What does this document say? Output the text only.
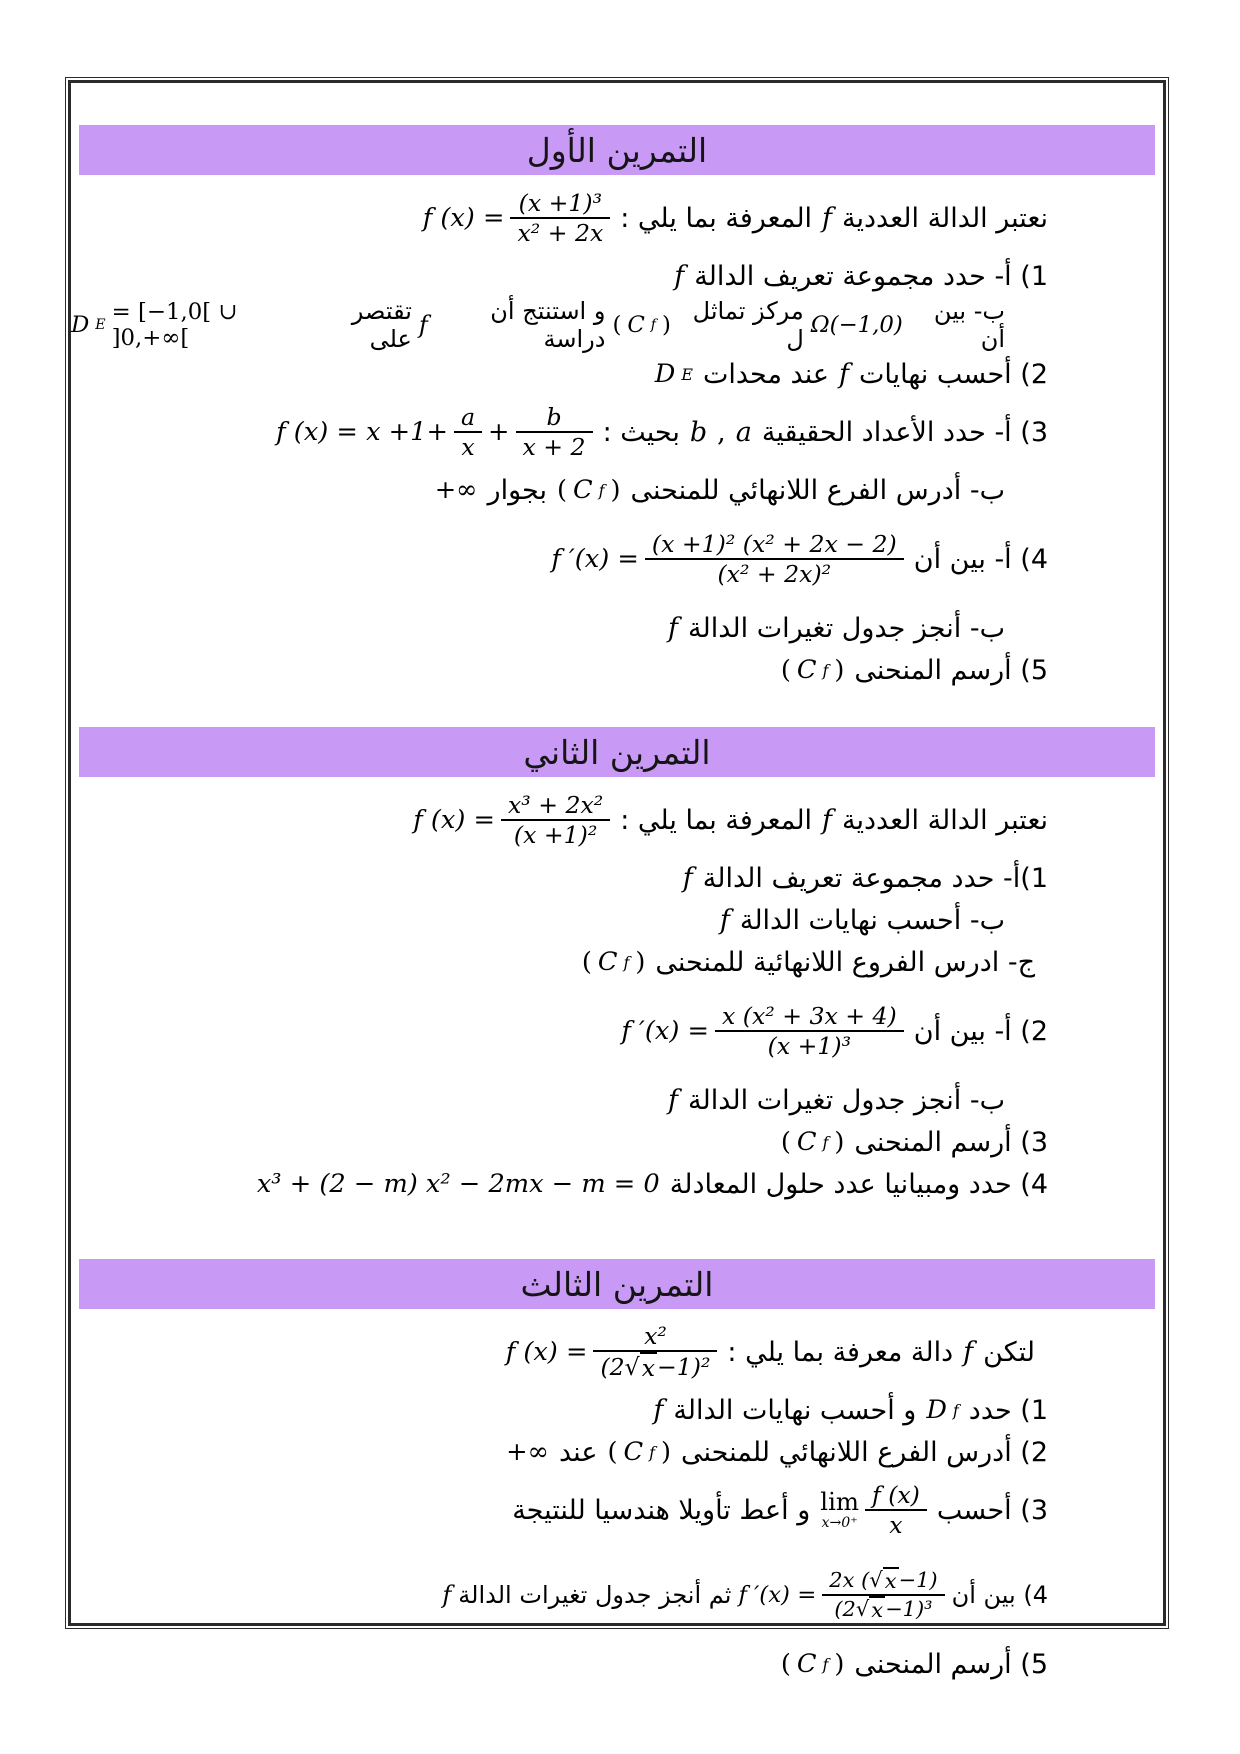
التمرين الأول
نعتبر الدالة العددية
f
المعرفة بما يلي :
f $(x) = \frac{\text{(x +1)³}}{\text{x² + 2x}}$
1) أ- حدد مجموعة تعريف الدالة
f
ب- بين أن
Ω(−1,0)
مركز تماثل ل
( C f )
و استنتج أن دراسة
f
تقتصر على
D E = [−1,0[ ∪ ]0,+∞[
2) أحسب نهايات
f
عند محدات
D E
3) أ- حدد الأعداد الحقيقية
a
,
b
بحيث :
f $(x) = x +1+ \frac{a}{x} + \frac{b}{x + 2}$
ب- أدرس الفرع اللانهائي للمنحنى
( C f )
بجوار
+∞
4) أ- بين أن
f $'(x) = \frac{\text{(x +1)² (x² + 2x − 2)}}{\text{(x² + 2x)²}}$
ب- أنجز جدول تغيرات الدالة
f
5) أرسم المنحنى
( C f )
التمرين الثاني
نعتبر الدالة العددية
f
المعرفة بما يلي :
f $(x) = \frac{\text{x³ + 2x²}}{\text{(x +1)²}}$
1)أ- حدد مجموعة تعريف الدالة
f
ب- أحسب نهايات الدالة
f
ج- ادرس الفروع اللانهائية للمنحنى
( C f )
2) أ- بين أن
f $'(x) = \frac{\text{x (x² + 3x + 4)}}{\text{(x +1)³}}$
ب- أنجز جدول تغيرات الدالة
f
3) أرسم المنحنى
( C f )
4) حدد ومبيانيا عدد حلول المعادلة
x³ + (2 − m) x² − 2mx − m = 0
التمرين الثالث
لتكن
f
دالة معرفة بما يلي :
f $(x) = \frac{\text{x²}}{\text{(2 √ x −1)²}}$
1) حدد
D f
و أحسب نهايات الدالة
f
2) أدرس الفرع اللانهائي للمنحنى
( C f )
عند
+∞
3) أحسب
lim
$x\to 0^+ \frac{f (x)}{x}$
و أعط تأويلا هندسيا للنتيجة
4) بين أن
f $'(x) = \frac{2x ( √ x -1)}{\text{(2 √ x −1)³}}$
ثم أنجز جدول تغيرات الدالة
f
5) أرسم المنحنى
( C f )
